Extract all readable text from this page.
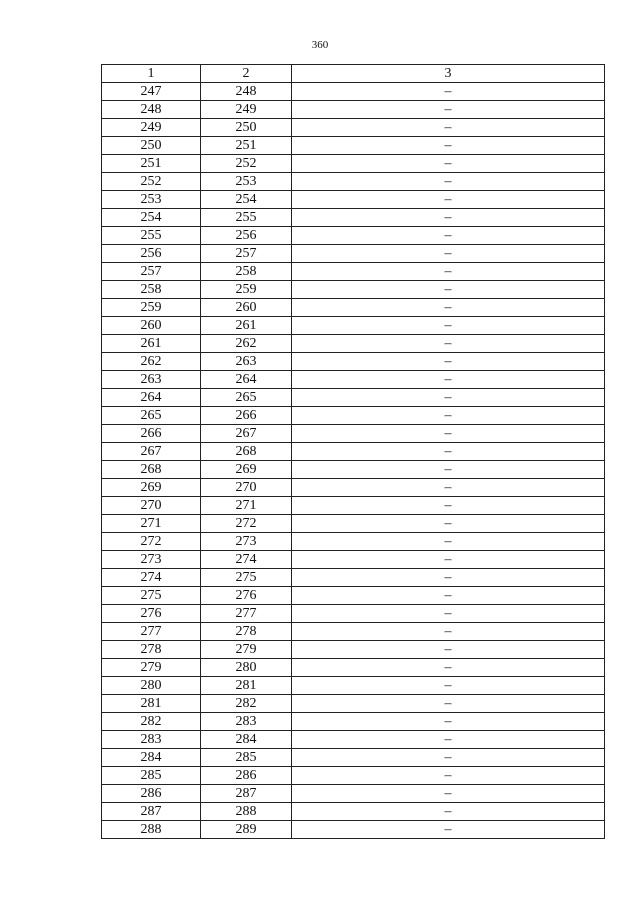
360
1	2	3
247	248	–
248	249	–
249	250	–
250	251	–
251	252	–
252	253	–
253	254	–
254	255	–
255	256	–
256	257	–
257	258	–
258	259	–
259	260	–
260	261	–
261	262	–
262	263	–
263	264	–
264	265	–
265	266	–
266	267	–
267	268	–
268	269	–
269	270	–
270	271	–
271	272	–
272	273	–
273	274	–
274	275	–
275	276	–
276	277	–
277	278	–
278	279	–
279	280	–
280	281	–
281	282	–
282	283	–
283	284	–
284	285	–
285	286	–
286	287	–
287	288	–
288	289	–
